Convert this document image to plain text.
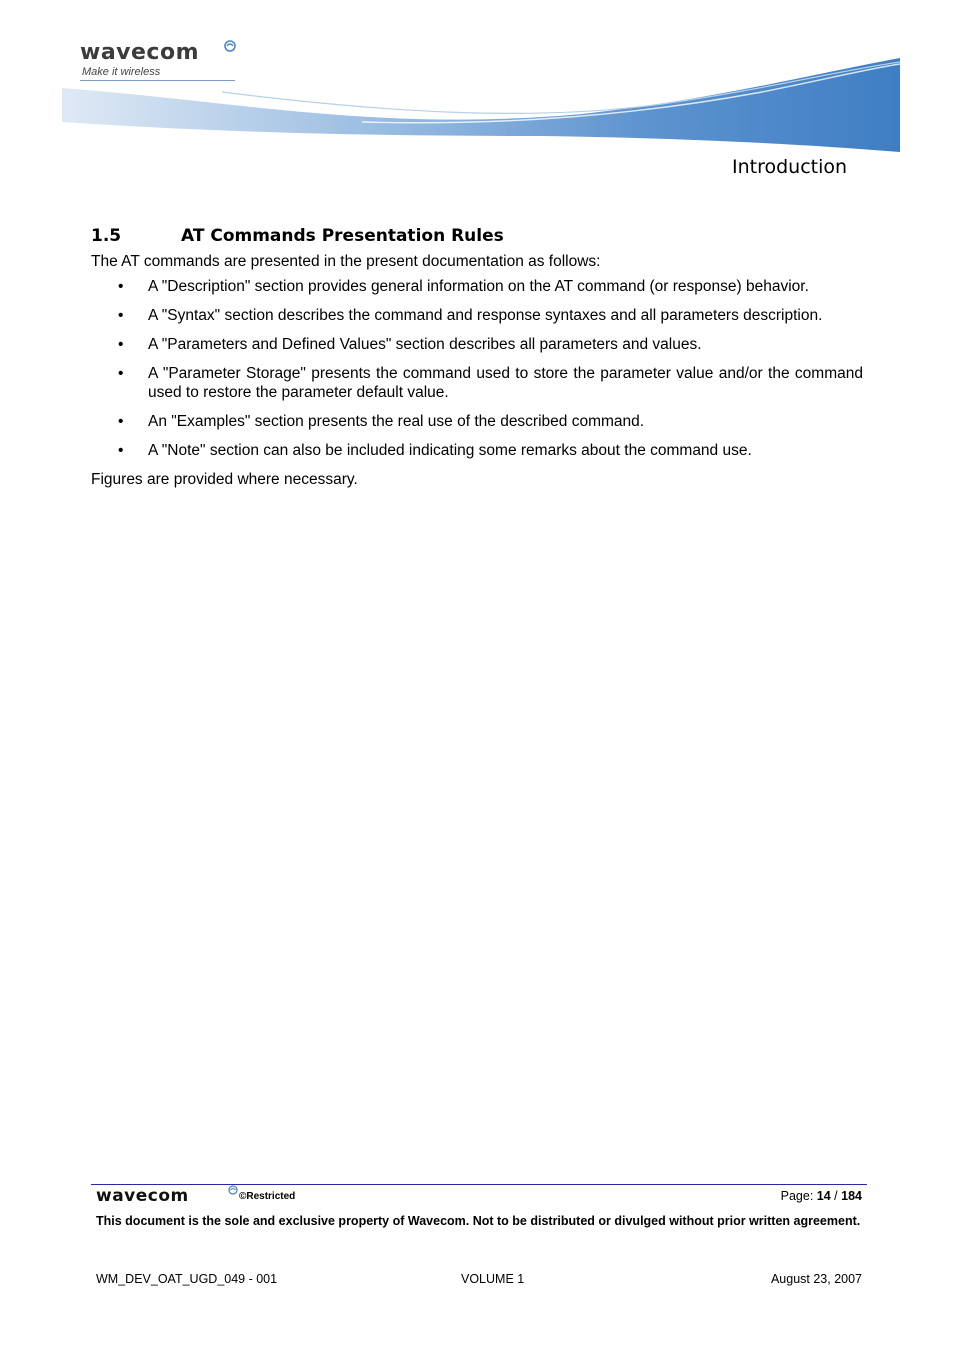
wavecom
Make it wireless
Introduction
1.5	AT Commands Presentation Rules

The AT commands are presented in the present documentation as follows:

• A "Description" section provides general information on the AT command (or response) behavior.
• A "Syntax" section describes the command and response syntaxes and all parameters description.
• A "Parameters and Defined Values" section describes all parameters and values.
• A "Parameter Storage" presents the command used to store the parameter value and/or the command used to restore the parameter default value.
• An "Examples" section presents the real use of the described command.
• A "Note" section can also be included indicating some remarks about the command use.

Figures are provided where necessary.

wavecom	©Restricted	Page: 14 / 184
This document is the sole and exclusive property of Wavecom. Not to be distributed or divulged without prior written agreement.
WM_DEV_OAT_UGD_049 - 001	VOLUME 1	August 23, 2007
